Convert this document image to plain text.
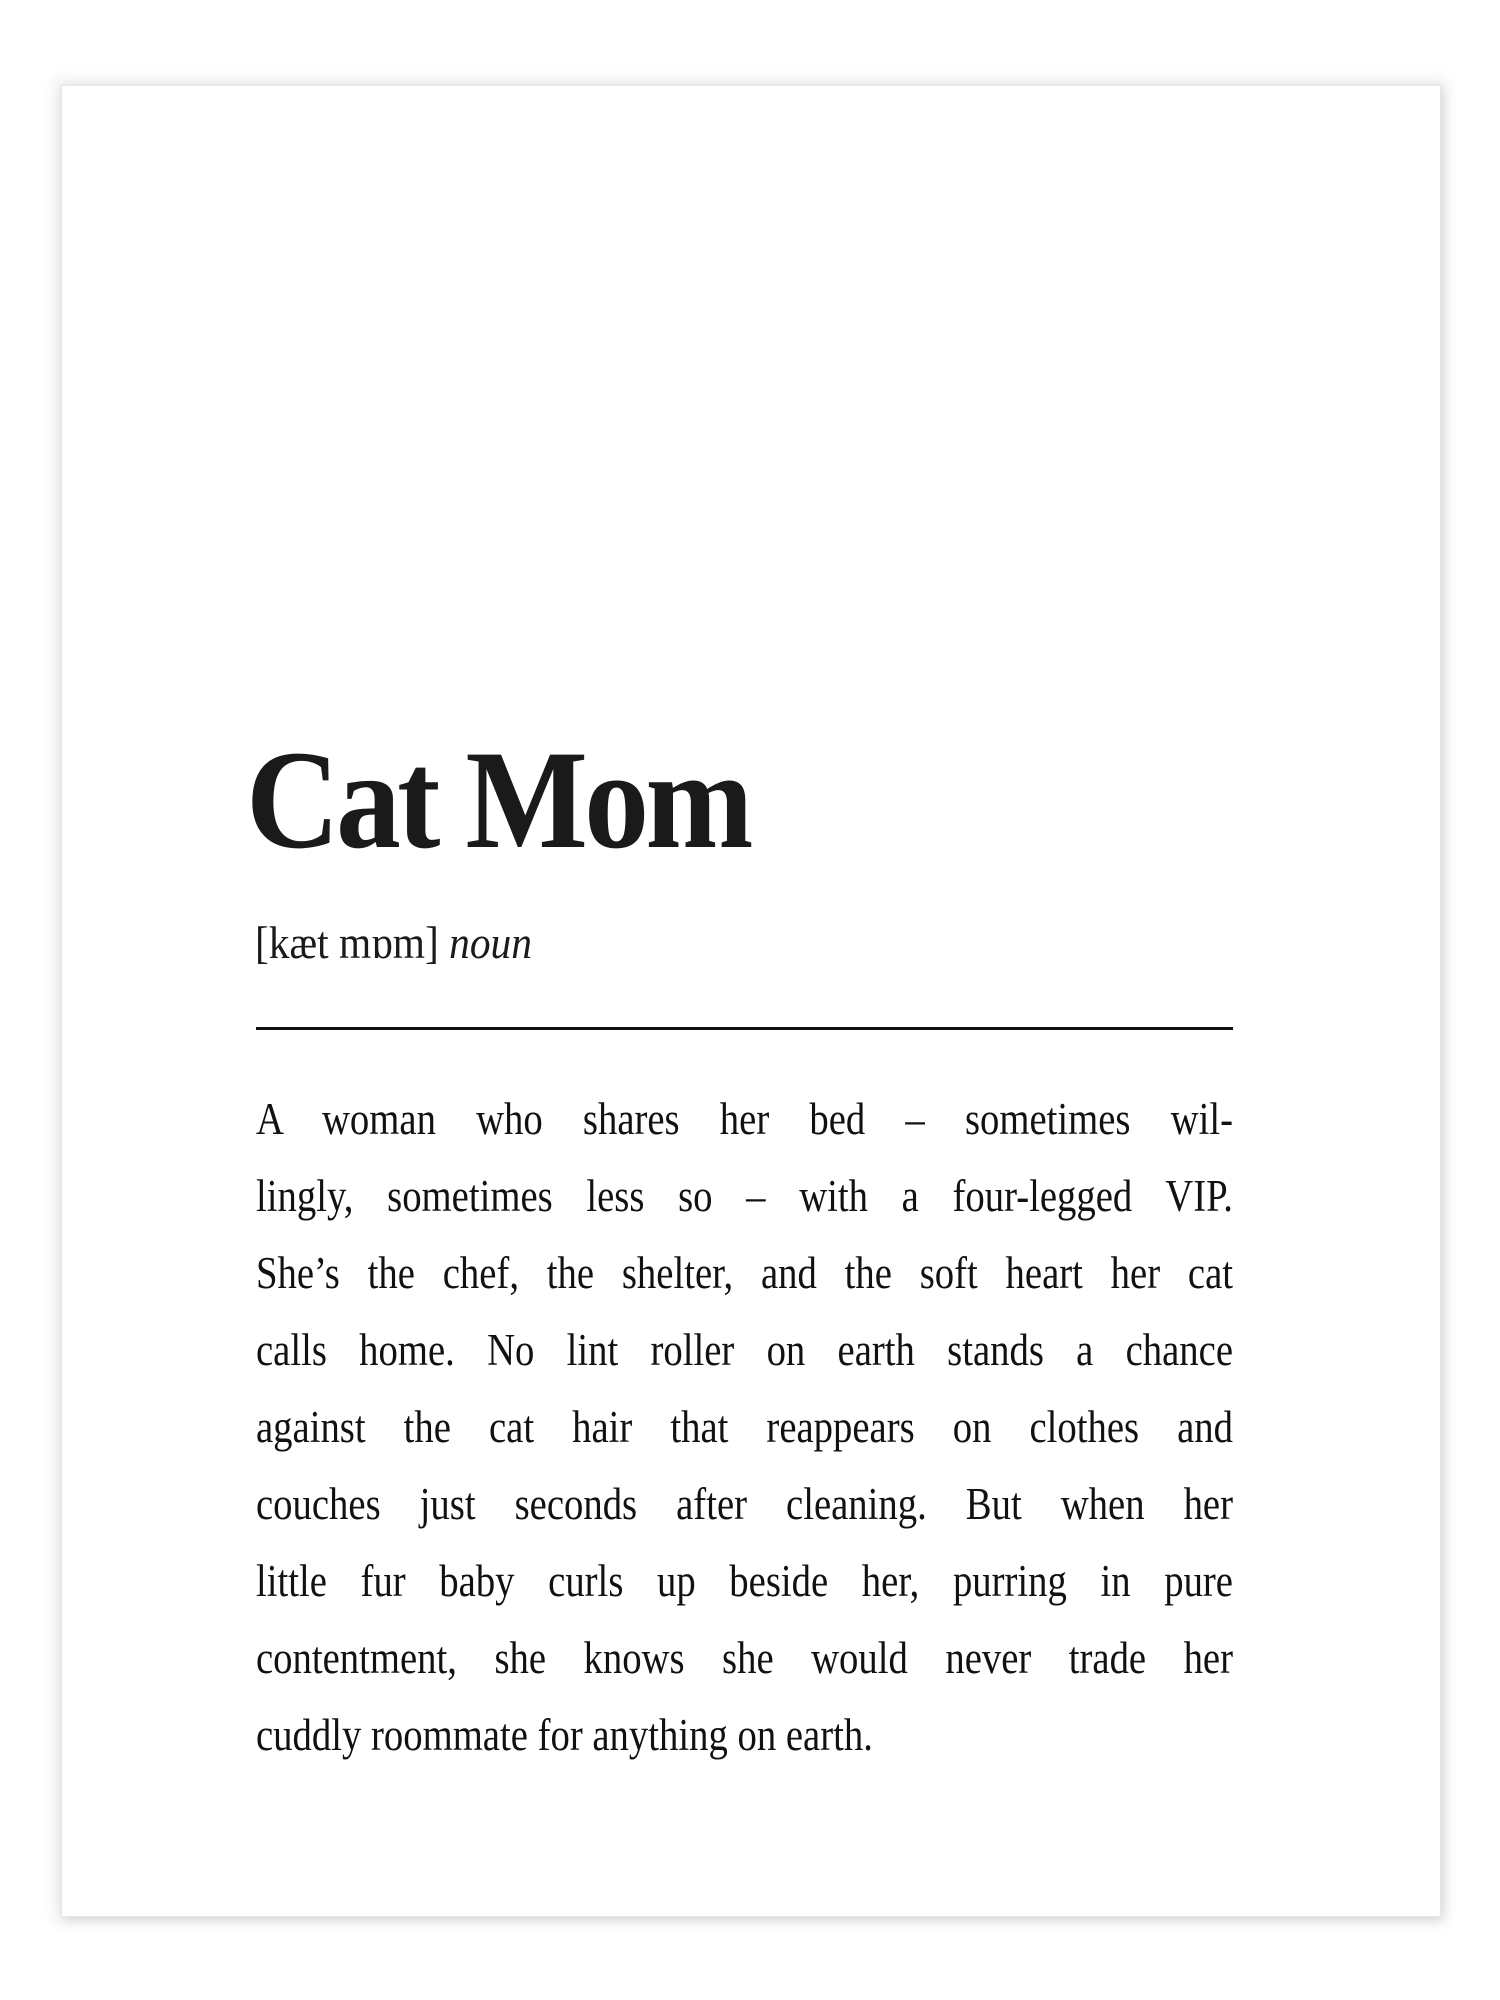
Cat Mom
[kæt mɒm] noun
A woman who shares her bed – sometimes wil-
lingly, sometimes less so – with a four-legged VIP.
She’s the chef, the shelter, and the soft heart her cat
calls home. No lint roller on earth stands a chance
against the cat hair that reappears on clothes and
couches just seconds after cleaning. But when her
little fur baby curls up beside her, purring in pure
contentment, she knows she would never trade her
cuddly roommate for anything on earth.
